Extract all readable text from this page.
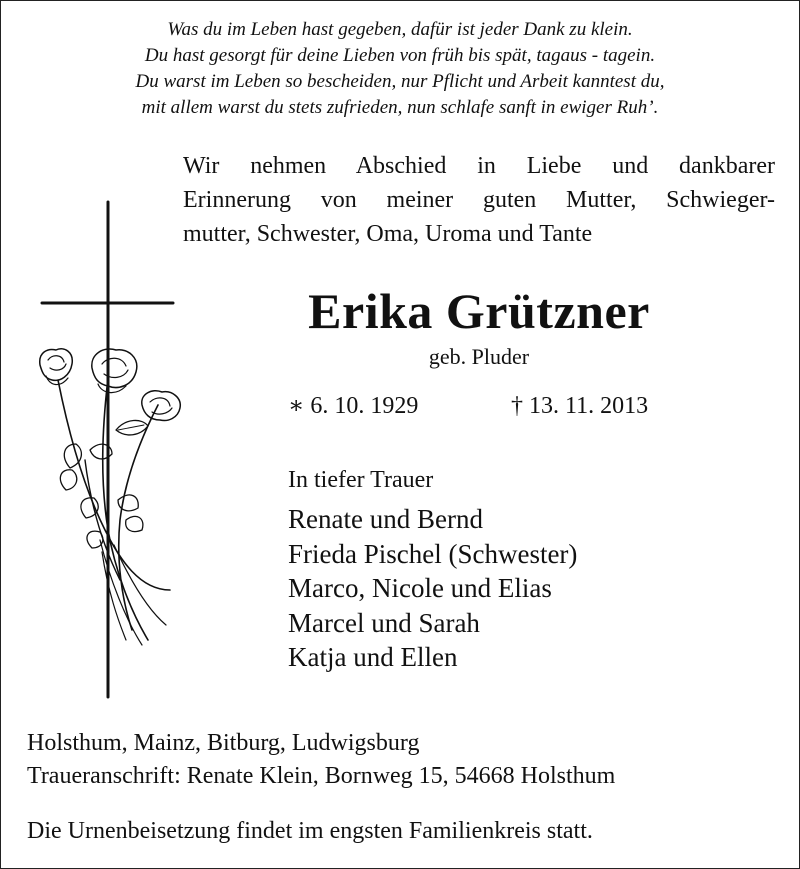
Was du im Leben hast gegeben, dafür ist jeder Dank zu klein.
Du hast gesorgt für deine Lieben von früh bis spät, tagaus - tagein.
Du warst im Leben so bescheiden, nur Pflicht und Arbeit kanntest du,
mit allem warst du stets zufrieden, nun schlafe sanft in ewiger Ruh’.
Wir nehmen Abschied in Liebe und dankbarer
Erinnerung von meiner guten Mutter, Schwieger-
mutter, Schwester, Oma, Uroma und Tante
Erika Grützner
geb. Pluder
∗ 6. 10. 1929	† 13. 11. 2013
In tiefer Trauer
Renate und Bernd
Frieda Pischel (Schwester)
Marco, Nicole und Elias
Marcel und Sarah
Katja und Ellen
Holsthum, Mainz, Bitburg, Ludwigsburg
Traueranschrift: Renate Klein, Bornweg 15, 54668 Holsthum
Die Urnenbeisetzung findet im engsten Familienkreis statt.
